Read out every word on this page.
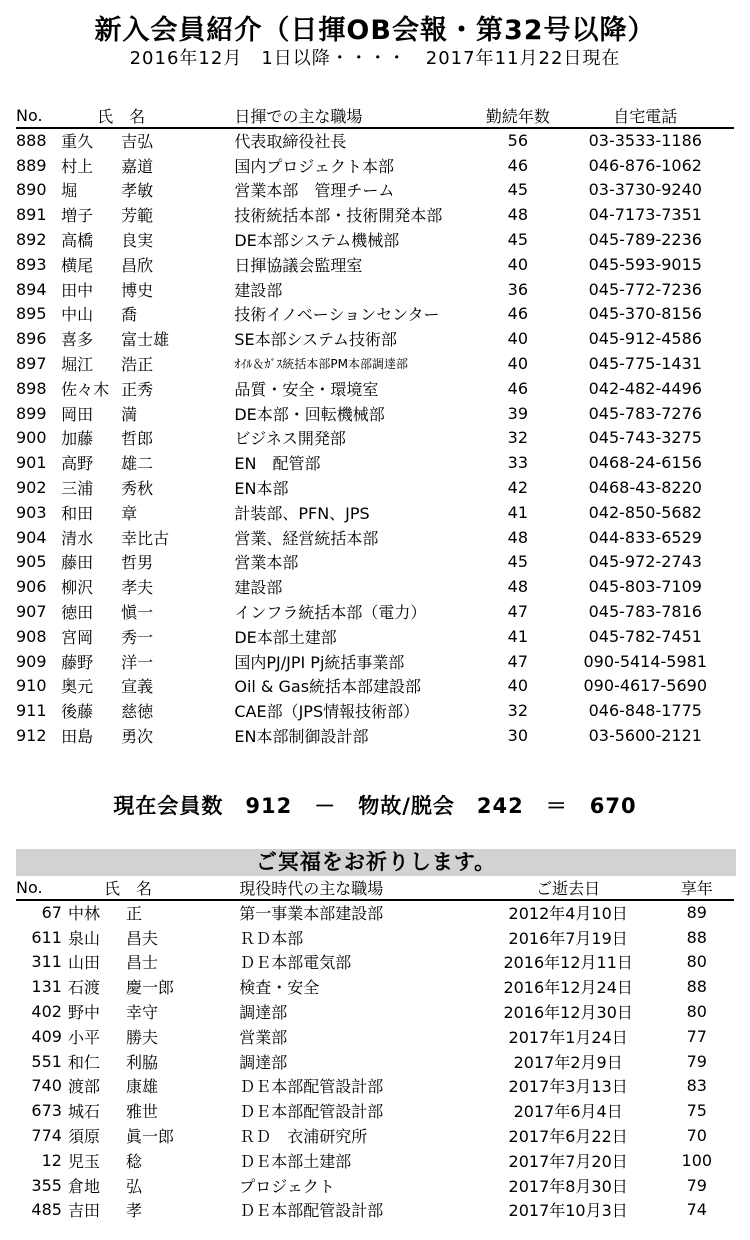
新入会員紹介（日揮OB会報・第32号以降）
2016年12月　1日以降・・・・　2017年11月22日現在
No.	氏　名	日揮での主な職場	勤続年数	自宅電話
888	重久 吉弘	代表取締役社長	56	03-3533-1186
889	村上 嘉道	国内プロジェクト本部	46	046-876-1062
890	堀 孝敏	営業本部　管理チーム	45	03-3730-9240
891	増子 芳範	技術統括本部・技術開発本部	48	04-7173-7351
892	高橋 良実	DE本部システム機械部	45	045-789-2236
893	横尾 昌欣	日揮協議会監理室	40	045-593-9015
894	田中 博史	建設部	36	045-772-7236
895	中山 喬	技術イノベーションセンター	46	045-370-8156
896	喜多 富士雄	SE本部システム技術部	40	045-912-4586
897	堀江 浩正	ｵｲﾙ＆ｶﾞｽ統括本部PM本部調達部	40	045-775-1431
898	佐々木 正秀	品質・安全・環境室	46	042-482-4496
899	岡田 満	DE本部・回転機械部	39	045-783-7276
900	加藤 哲郎	ビジネス開発部	32	045-743-3275
901	高野 雄二	EN　配管部	33	0468-24-6156
902	三浦 秀秋	EN本部	42	0468-43-8220
903	和田 章	計装部、PFN、JPS	41	042-850-5682
904	清水 幸比古	営業、経営統括本部	48	044-833-6529
905	藤田 哲男	営業本部	45	045-972-2743
906	柳沢 孝夫	建設部	48	045-803-7109
907	徳田 愼一	インフラ統括本部（電力）	47	045-783-7816
908	宮岡 秀一	DE本部土建部	41	045-782-7451
909	藤野 洋一	国内PJ/JPI Pj統括事業部	47	090-5414-5981
910	奥元 宣義	Oil & Gas統括本部建設部	40	090-4617-5690
911	後藤 慈徳	CAE部（JPS情報技術部）	32	046-848-1775
912	田島 勇次	EN本部制御設計部	30	03-5600-2121
現在会員数　912　－　物故/脱会　242　＝　670
ご冥福をお祈りします。
No.	氏　名	現役時代の主な職場	ご逝去日	享年
67	中林 正	第一事業本部建設部	2012年4月10日	89
611	泉山 昌夫	ＲＤ本部	2016年7月19日	88
311	山田 昌士	ＤＥ本部電気部	2016年12月11日	80
131	石渡 慶一郎	検査・安全	2016年12月24日	88
402	野中 幸守	調達部	2016年12月30日	80
409	小平 勝夫	営業部	2017年1月24日	77
551	和仁 利脇	調達部	2017年2月9日	79
740	渡部 康雄	ＤＥ本部配管設計部	2017年3月13日	83
673	城石 雅世	ＤＥ本部配管設計部	2017年6月4日	75
774	須原 眞一郎	ＲＤ　衣浦研究所	2017年6月22日	70
12	児玉 稔	ＤＥ本部土建部	2017年7月20日	100
355	倉地 弘	プロジェクト	2017年8月30日	79
485	吉田 孝	ＤＥ本部配管設計部	2017年10月3日	74
